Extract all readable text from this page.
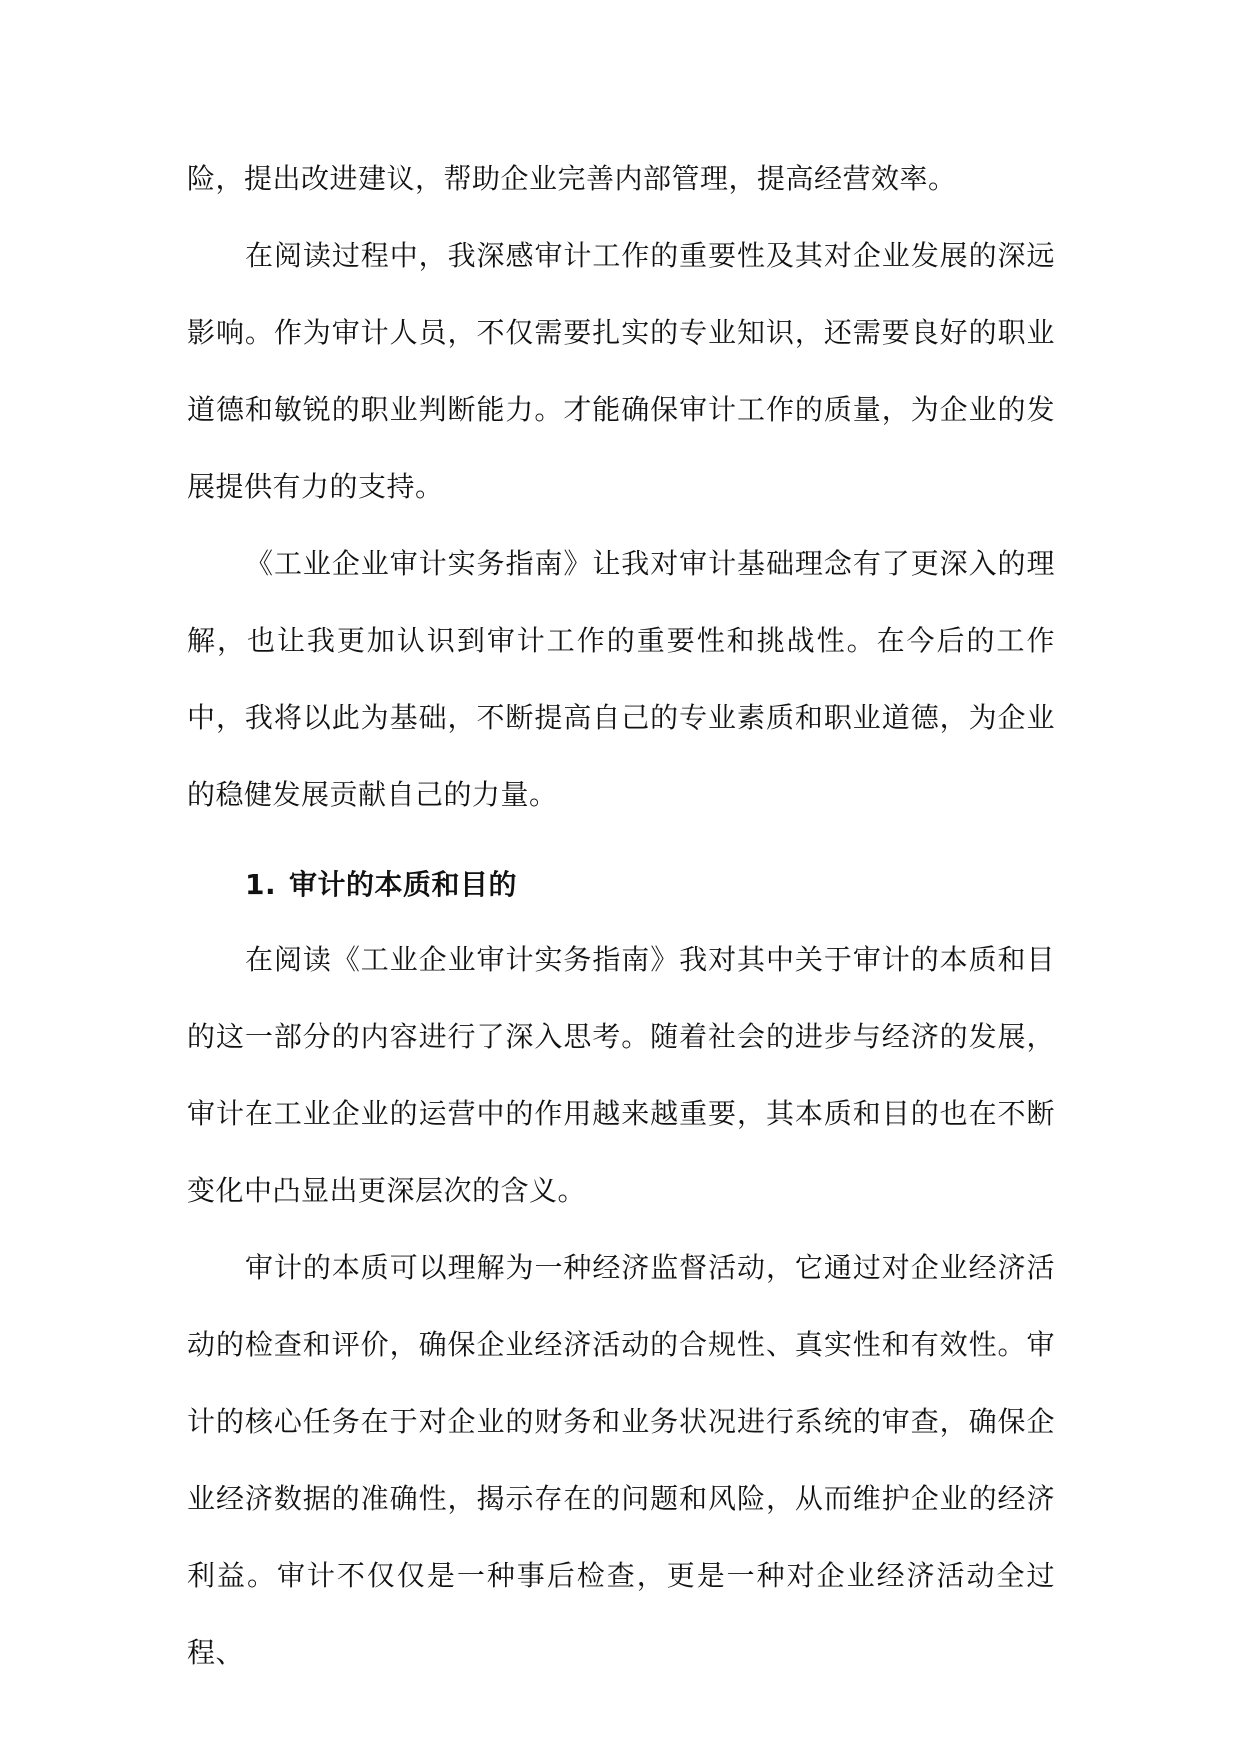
险，提出改进建议，帮助企业完善内部管理，提高经营效率。

在阅读过程中，我深感审计工作的重要性及其对企业发展的深远影响。作为审计人员，不仅需要扎实的专业知识，还需要良好的职业道德和敏锐的职业判断能力。才能确保审计工作的质量，为企业的发展提供有力的支持。

《工业企业审计实务指南》让我对审计基础理念有了更深入的理解，也让我更加认识到审计工作的重要性和挑战性。在今后的工作中，我将以此为基础，不断提高自己的专业素质和职业道德，为企业的稳健发展贡献自己的力量。

1. 审计的本质和目的

在阅读《工业企业审计实务指南》我对其中关于审计的本质和目的这一部分的内容进行了深入思考。随着社会的进步与经济的发展，审计在工业企业的运营中的作用越来越重要，其本质和目的也在不断变化中凸显出更深层次的含义。

审计的本质可以理解为一种经济监督活动，它通过对企业经济活动的检查和评价，确保企业经济活动的合规性、真实性和有效性。审计的核心任务在于对企业的财务和业务状况进行系统的审查，确保企业经济数据的准确性，揭示存在的问题和风险，从而维护企业的经济利益。审计不仅仅是一种事后检查，更是一种对企业经济活动全过程、
